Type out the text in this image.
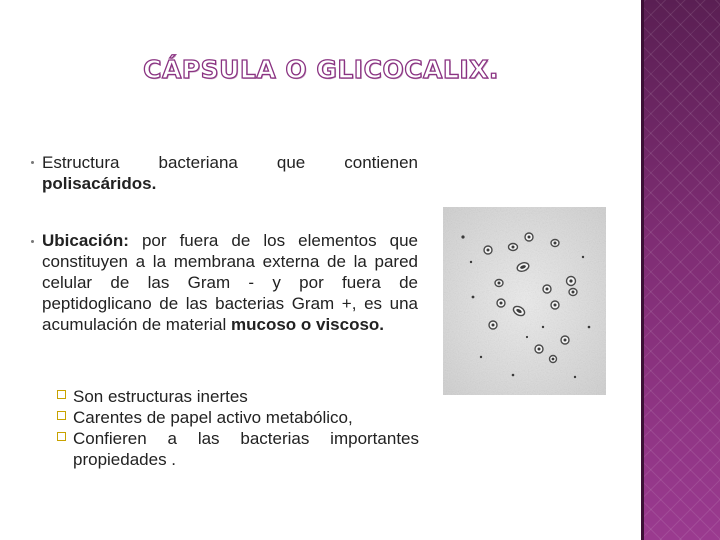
CÁPSULA O GLICOCALIX.
Estructura bacteriana que contienen polisacáridos.
Ubicación: por fuera de los elementos que constituyen a la membrana externa de la pared celular de las Gram - y por fuera de peptidoglicano de las bacterias Gram +, es una acumulación de material mucoso o viscoso.
Son estructuras inertes
Carentes de papel activo metabólico,
Confieren a las bacterias importantes propiedades .
